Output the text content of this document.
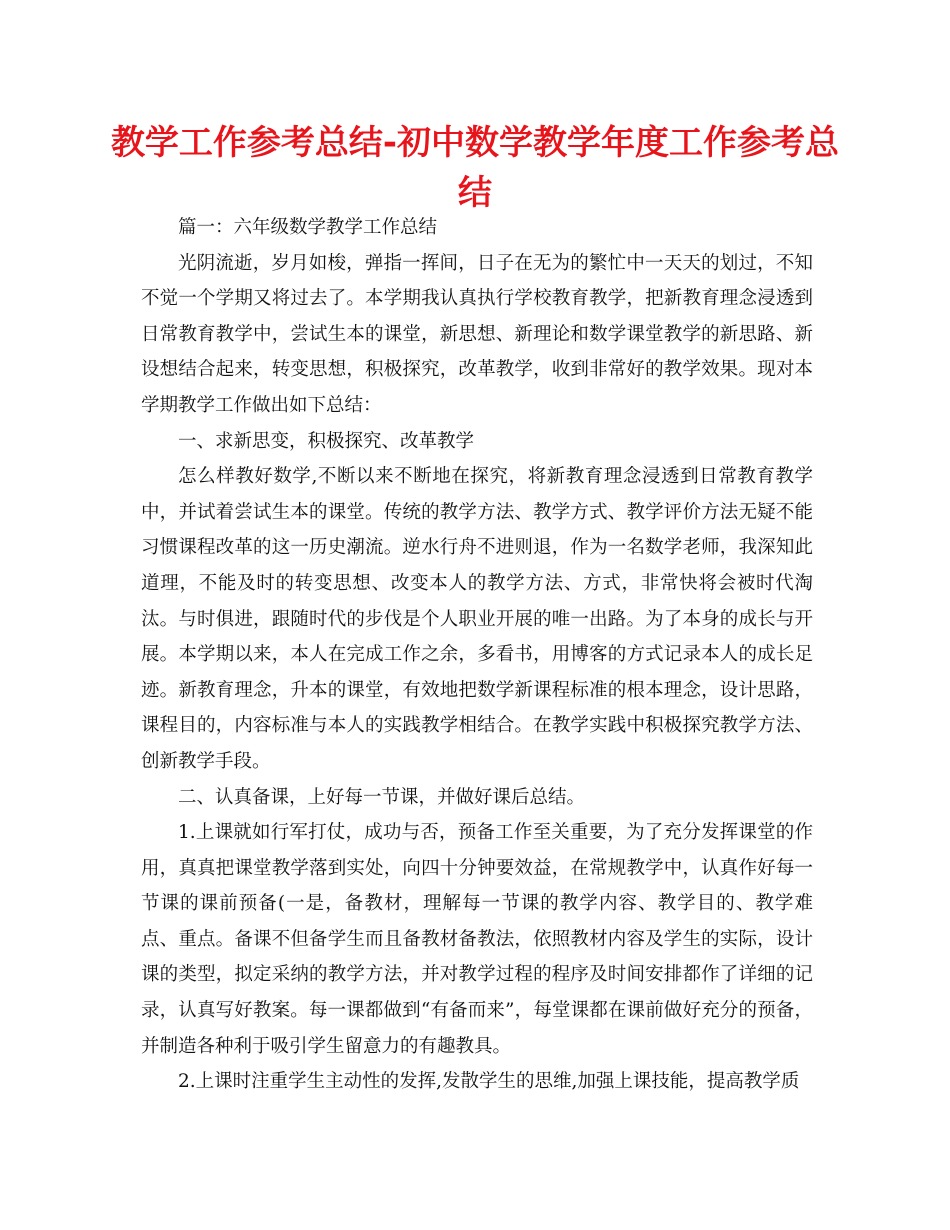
教学工作参考总结-初中数学教学年度工作参考总结

篇一：六年级数学教学工作总结

光阴流逝，岁月如梭，弹指一挥间，日子在无为的繁忙中一天天的划过，不知不觉一个学期又将过去了。本学期我认真执行学校教育教学，把新教育理念浸透到日常教育教学中，尝试生本的课堂，新思想、新理论和数学课堂教学的新思路、新设想结合起来，转变思想，积极探究，改革教学，收到非常好的教学效果。现对本学期教学工作做出如下总结：

一、求新思变，积极探究、改革教学

怎么样教好数学,不断以来不断地在探究，将新教育理念浸透到日常教育教学中，并试着尝试生本的课堂。传统的教学方法、教学方式、教学评价方法无疑不能习惯课程改革的这一历史潮流。逆水行舟不进则退，作为一名数学老师，我深知此道理，不能及时的转变思想、改变本人的教学方法、方式，非常快将会被时代淘汰。与时俱进，跟随时代的步伐是个人职业开展的唯一出路。为了本身的成长与开展。本学期以来，本人在完成工作之余，多看书，用博客的方式记录本人的成长足迹。新教育理念，升本的课堂，有效地把数学新课程标准的根本理念，设计思路，课程目的，内容标准与本人的实践教学相结合。在教学实践中积极探究教学方法、创新教学手段。

二、认真备课，上好每一节课，并做好课后总结。

1.上课就如行军打仗，成功与否，预备工作至关重要，为了充分发挥课堂的作用，真真把课堂教学落到实处，向四十分钟要效益，在常规教学中，认真作好每一节课的课前预备(一是，备教材，理解每一节课的教学内容、教学目的、教学难点、重点。备课不但备学生而且备教材备教法，依照教材内容及学生的实际，设计课的类型，拟定采纳的教学方法，并对教学过程的程序及时间安排都作了详细的记录，认真写好教案。每一课都做到“有备而来”，每堂课都在课前做好充分的预备，并制造各种利于吸引学生留意力的有趣教具。

2.上课时注重学生主动性的发挥,发散学生的思维,加强上课技能，提高教学质
